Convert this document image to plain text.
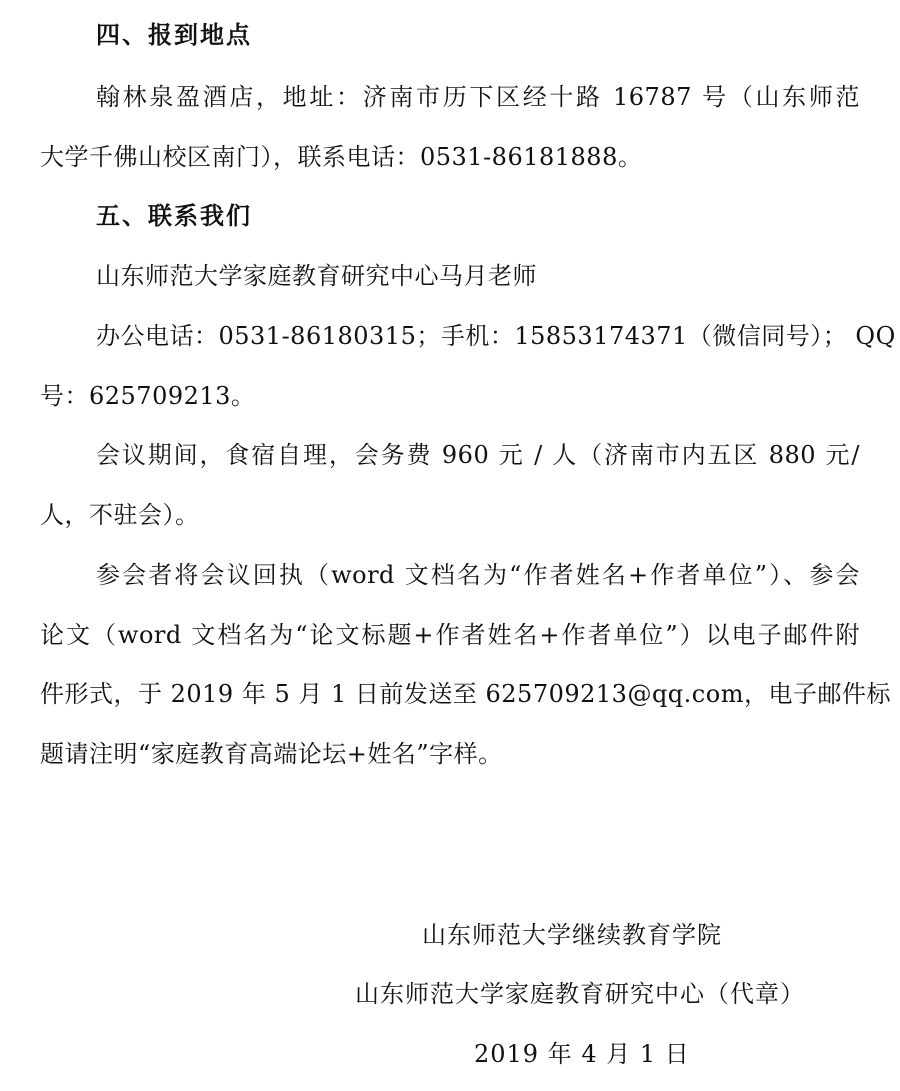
四、报到地点
翰林泉盈酒店，地址：济南市历下区经十路 16787 号（山东师范
大学千佛山校区南门），联系电话：0531-86181888。
五、联系我们
山东师范大学家庭教育研究中心马月老师
办公电话：0531-86180315；手机：15853174371（微信同号）； QQ
号：625709213。
会议期间，食宿自理，会务费 960 元 / 人（济南市内五区 880 元/
人，不驻会）。
参会者将会议回执（word 文档名为“作者姓名+作者单位”）、参会
论文（word 文档名为“论文标题+作者姓名+作者单位”）以电子邮件附
件形式，于 2019 年 5 月 1 日前发送至 625709213@qq.com，电子邮件标
题请注明“家庭教育高端论坛+姓名”字样。
山东师范大学继续教育学院
山东师范大学家庭教育研究中心（代章）
2019 年 4 月 1 日
